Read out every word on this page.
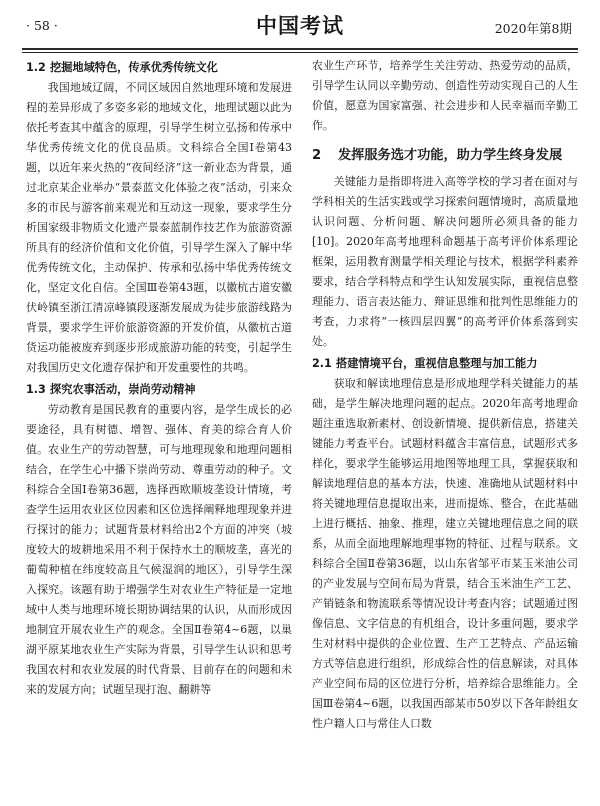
· 58 ·	中国考试	2020年第8期
1.2 挖掘地域特色，传承优秀传统文化

我国地域辽阔，不同区域因自然地理环境和发展进程的差异形成了多姿多彩的地域文化，地理试题以此为依托考查其中蕴含的原理，引导学生树立弘扬和传承中华优秀传统文化的优良品质。文科综合全国Ⅰ卷第43题，以近年来火热的“夜间经济”这一新业态为背景，通过北京某企业举办“景泰蓝文化体验之夜”活动，引来众多的市民与游客前来观光和互动这一现象，要求学生分析国家级非物质文化遗产景泰蓝制作技艺作为旅游资源所具有的经济价值和文化价值，引导学生深入了解中华优秀传统文化，主动保护、传承和弘扬中华优秀传统文化，坚定文化自信。全国Ⅲ卷第43题，以徽杭古道安徽伏岭镇至浙江清凉峰镇段逐渐发展成为徒步旅游线路为背景，要求学生评价旅游资源的开发价值，从徽杭古道货运功能被废弃到逐步形成旅游功能的转变，引起学生对我国历史文化遗存保护和开发重要性的共鸣。

1.3 探究农事活动，崇尚劳动精神

劳动教育是国民教育的重要内容，是学生成长的必要途径，具有树德、增智、强体、育美的综合育人价值。农业生产的劳动智慧，可与地理现象和地理问题相结合，在学生心中播下崇尚劳动、尊重劳动的种子。文科综合全国Ⅰ卷第36题，选择西欧顺坡垄设计情境，考查学生运用农业区位因素和区位选择阐释地理现象并进行探讨的能力；试题背景材料给出2个方面的冲突（坡度较大的坡耕地采用不利于保持水土的顺坡垄，喜光的葡萄种植在纬度较高且气候湿润的地区），引导学生深入探究。该题有助于增强学生对农业生产特征是一定地域中人类与地理环境长期协调结果的认识，从而形成因地制宜开展农业生产的观念。全国Ⅱ卷第4~6题，以巢湖平原某地农业生产实际为背景，引导学生认识和思考我国农村和农业发展的时代背景、目前存在的问题和未来的发展方向；试题呈现打泡、翻耕等

农业生产环节，培养学生关注劳动、热爱劳动的品质，引导学生认同以辛勤劳动、创造性劳动实现自己的人生价值，愿意为国家富强、社会进步和人民幸福而辛勤工作。

2 发挥服务选才功能，助力学生终身发展

关键能力是指即将进入高等学校的学习者在面对与学科相关的生活实践或学习探索问题情境时，高质量地认识问题、分析问题、解决问题所必须具备的能力[10]。2020年高考地理科命题基于高考评价体系理论框架，运用教育测量学相关理论与技术，根据学科素养要求，结合学科特点和学生认知发展实际，重视信息整理能力、语言表达能力、辩证思维和批判性思维能力的考查，力求将“一核四层四翼”的高考评价体系落到实处。

2.1 搭建情境平台，重视信息整理与加工能力

获取和解读地理信息是形成地理学科关键能力的基础，是学生解决地理问题的起点。2020年高考地理命题注重选取新素材、创设新情境、提供新信息，搭建关键能力考查平台。试题材料蕴含丰富信息，试题形式多样化，要求学生能够运用地图等地理工具，掌握获取和解读地理信息的基本方法，快速、准确地从试题材料中将关键地理信息提取出来，进而提炼、整合，在此基础上进行概括、抽象、推理，建立关键地理信息之间的联系，从而全面地理解地理事物的特征、过程与联系。文科综合全国Ⅱ卷第36题，以山东省邹平市某玉米油公司的产业发展与空间布局为背景，结合玉米油生产工艺、产销链条和物流联系等情况设计考查内容；试题通过图像信息、文字信息的有机组合，设计多重问题，要求学生对材料中提供的企业位置、生产工艺特点、产品运输方式等信息进行组织，形成综合性的信息解读，对具体产业空间布局的区位进行分析，培养综合思维能力。全国Ⅲ卷第4~6题，以我国西部某市50岁以下各年龄组女性户籍人口与常住人口数
